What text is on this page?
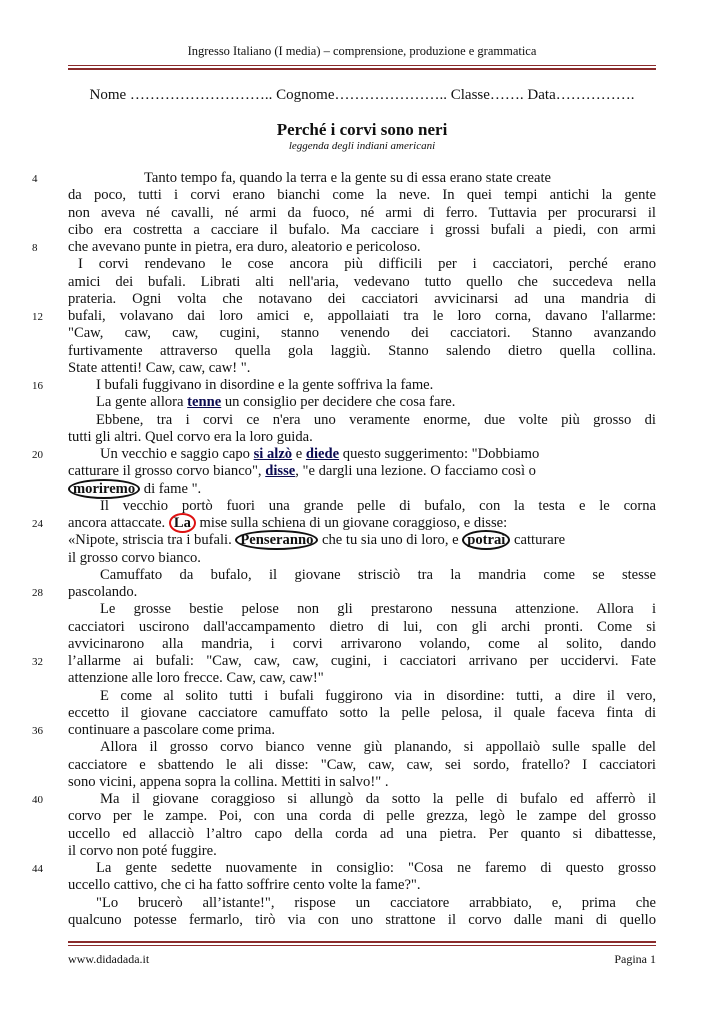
Ingresso Italiano (I media) – comprensione, produzione e grammatica
Nome ……………………….. Cognome………………….. Classe……. Data…………….
Perché i corvi sono neri
leggenda degli indiani americani
4	Tanto tempo fa, quando la terra e la gente su di essa erano state create
da poco, tutti i corvi erano bianchi come la neve. In quei tempi antichi la gente
non aveva né cavalli, né armi da fuoco, né armi di ferro. Tuttavia per procurarsi il
cibo era costretta a cacciare il bufalo. Ma cacciare i grossi bufali a piedi, con armi
8 che avevano punte in pietra, era duro, aleatorio e pericoloso.
I corvi rendevano le cose ancora più difficili per i cacciatori, perché erano
amici dei bufali. Librati alti nell'aria, vedevano tutto quello che succedeva nella
prateria. Ogni volta che notavano dei cacciatori avvicinarsi ad una mandria di
12 bufali, volavano dai loro amici e, appollaiati tra le loro corna, davano l'allarme:
"Caw, caw, caw, cugini, stanno venendo dei cacciatori. Stanno avanzando
furtivamente attraverso quella gola laggiù. Stanno salendo dietro quella collina.
State attenti! Caw, caw, caw! ".
16	I bufali fuggivano in disordine e la gente soffriva la fame.
La gente allora tenne un consiglio per decidere che cosa fare.
Ebbene, tra i corvi ce n'era uno veramente enorme, due volte più grosso di
tutti gli altri. Quel corvo era la loro guida.
20	Un vecchio e saggio capo si alzò e diede questo suggerimento: "Dobbiamo
catturare il grosso corvo bianco", disse, "e dargli una lezione. O facciamo così o
moriremo di fame ".
Il vecchio portò fuori una grande pelle di bufalo, con la testa e le corna
24 ancora attaccate. La mise sulla schiena di un giovane coraggioso, e disse:
«Nipote, striscia tra i bufali. Penseranno che tu sia uno di loro, e potrai catturare
il grosso corvo bianco.
Camuffato da bufalo, il giovane strisciò tra la mandria come se stesse
28 pascolando.
Le grosse bestie pelose non gli prestarono nessuna attenzione. Allora i
cacciatori uscirono dall'accampamento dietro di lui, con gli archi pronti. Come si
avvicinarono alla mandria, i corvi arrivarono volando, come al solito, dando
32 l’allarme ai bufali: "Caw, caw, caw, cugini, i cacciatori arrivano per uccidervi. Fate
attenzione alle loro frecce. Caw, caw, caw!"
E come al solito tutti i bufali fuggirono via in disordine: tutti, a dire il vero,
eccetto il giovane cacciatore camuffato sotto la pelle pelosa, il quale faceva finta di
36 continuare a pascolare come prima.
Allora il grosso corvo bianco venne giù planando, si appollaiò sulle spalle del
cacciatore e sbattendo le ali disse: "Caw, caw, caw, sei sordo, fratello? I cacciatori
sono vicini, appena sopra la collina. Mettiti in salvo!" .
40	Ma il giovane coraggioso si allungò da sotto la pelle di bufalo ed afferrò il
corvo per le zampe. Poi, con una corda di pelle grezza, legò le zampe del grosso
uccello ed allacciò l’altro capo della corda ad una pietra. Per quanto si dibattesse,
il corvo non poté fuggire.
44	La gente sedette nuovamente in consiglio: "Cosa ne faremo di questo grosso
uccello cattivo, che ci ha fatto soffrire cento volte la fame?".
"Lo brucerò all’istante!", rispose un cacciatore arrabbiato, e, prima che
qualcuno potesse fermarlo, tirò via con uno strattone il corvo dalle mani di quello
www.didadada.it	Pagina 1
